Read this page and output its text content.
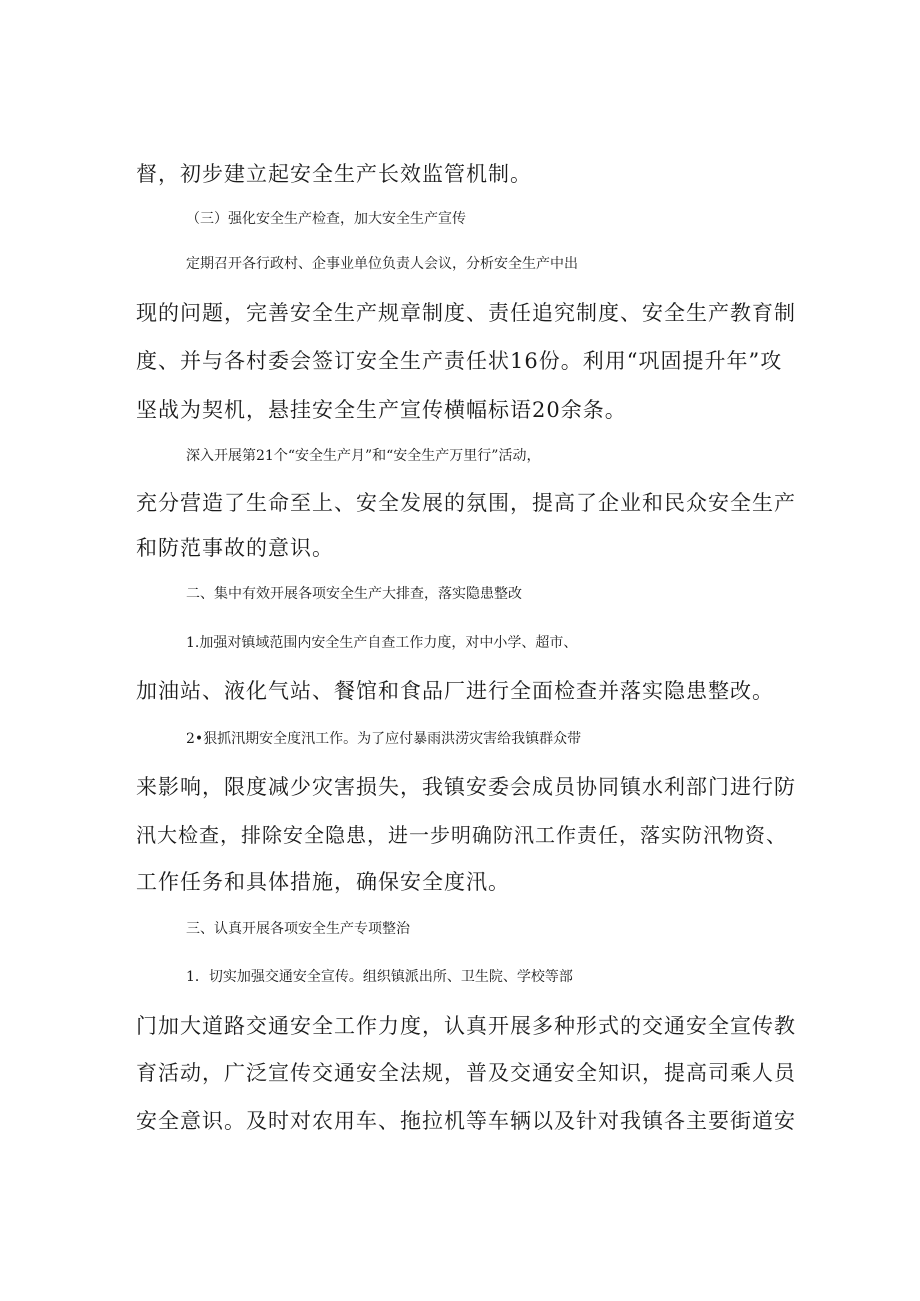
督，初步建立起安全生产长效监管机制。
（三）强化安全生产检查，加大安全生产宣传
定期召开各行政村、企事业单位负责人会议，分析安全生产中出
现的问题，完善安全生产规章制度、责任追究制度、安全生产教育制
度、并与各村委会签订安全生产责任状16份。利用“巩固提升年”攻
坚战为契机，悬挂安全生产宣传横幅标语20余条。
深入开展第21个“安全生产月”和“安全生产万里行”活动，
充分营造了生命至上、安全发展的氛围，提高了企业和民众安全生产
和防范事故的意识。
二、集中有效开展各项安全生产大排查，落实隐患整改
1.加强对镇域范围内安全生产自查工作力度，对中小学、超市、
加油站、液化气站、餐馆和食品厂进行全面检查并落实隐患整改。
2•狠抓汛期安全度汛工作。为了应付暴雨洪涝灾害给我镇群众带
来影响，限度减少灾害损失，我镇安委会成员协同镇水利部门进行防
汛大检查，排除安全隐患，进一步明确防汛工作责任，落实防汛物资、
工作任务和具体措施，确保安全度汛。
三、认真开展各项安全生产专项整治
1．切实加强交通安全宣传。组织镇派出所、卫生院、学校等部
门加大道路交通安全工作力度，认真开展多种形式的交通安全宣传教
育活动，广泛宣传交通安全法规，普及交通安全知识，提高司乘人员
安全意识。及时对农用车、拖拉机等车辆以及针对我镇各主要街道安
